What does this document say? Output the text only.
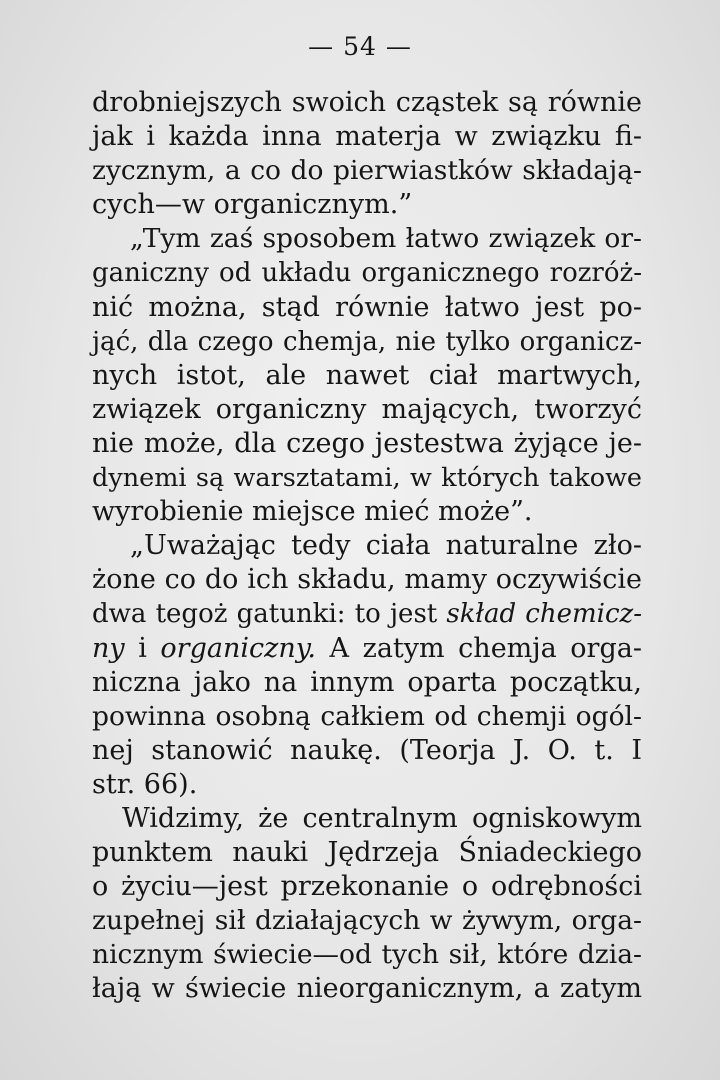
— 54 —
drobniejszych swoich cząstek są równie
jak i każda inna materja w związku fi-
zycznym, a co do pierwiastków składają-
cych—w organicznym.”
„Tym zaś sposobem łatwo związek or-
ganiczny od układu organicznego rozróż-
nić można, stąd równie łatwo jest po-
jąć, dla czego chemja, nie tylko organicz-
nych istot, ale nawet ciał martwych,
związek organiczny mających, tworzyć
nie może, dla czego jestestwa żyjące je-
dynemi są warsztatami, w których takowe
wyrobienie miejsce mieć może”.
„Uważając tedy ciała naturalne zło-
żone co do ich składu, mamy oczywiście
dwa tegoż gatunki: to jest skład chemicz-
ny i organiczny. A zatym chemja orga-
niczna jako na innym oparta początku,
powinna osobną całkiem od chemji ogól-
nej stanowić naukę. (Teorja J. O. t. I
str. 66).
Widzimy, że centralnym ogniskowym
punktem nauki Jędrzeja Śniadeckiego
o życiu—jest przekonanie o odrębności
zupełnej sił działających w żywym, orga-
nicznym świecie—od tych sił, które dzia-
łają w świecie nieorganicznym, a zatym
